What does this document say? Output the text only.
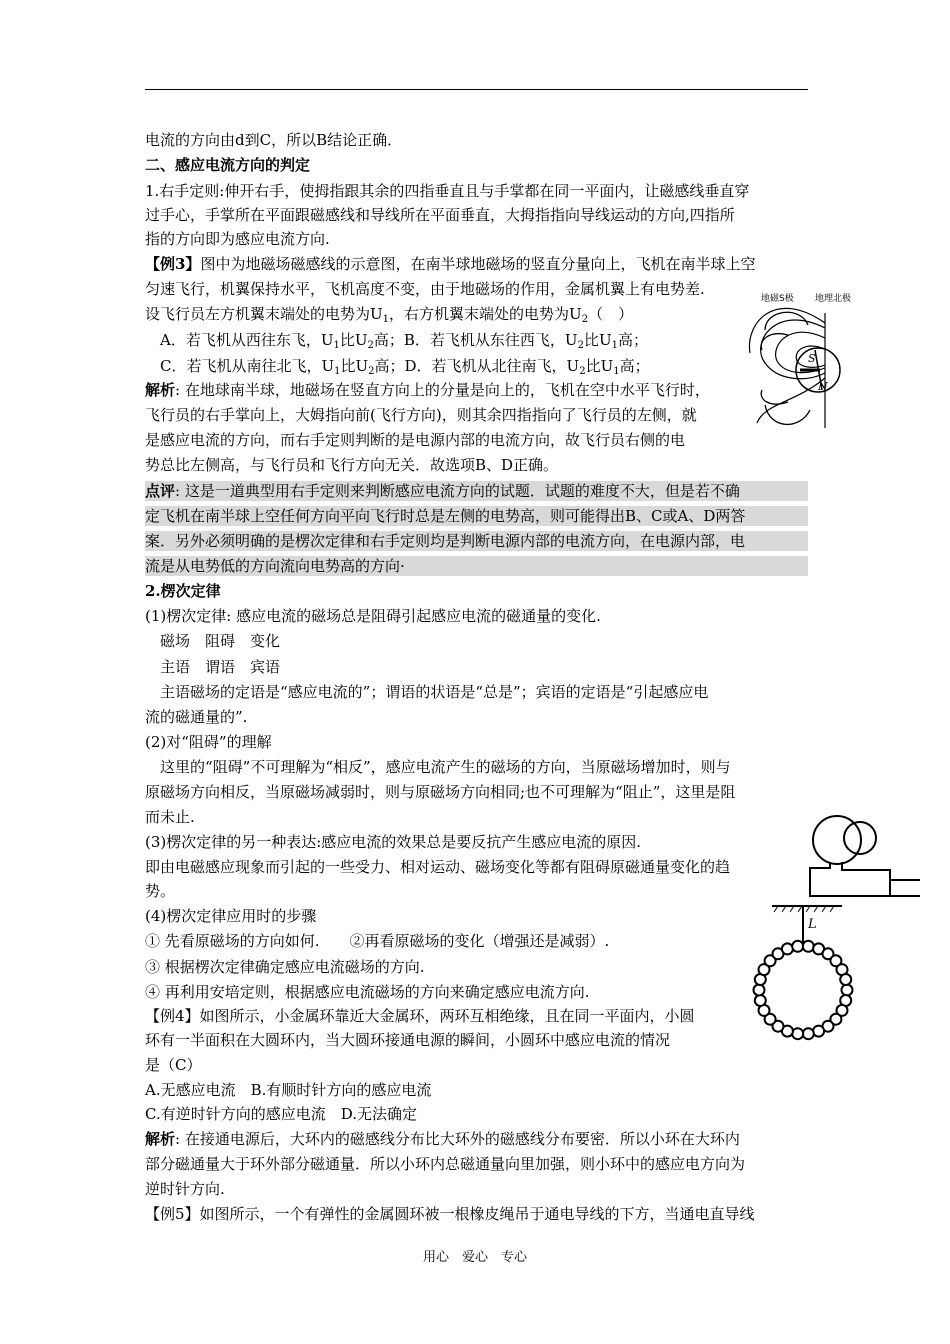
电流的方向由d到C，所以B结论正确．
二、感应电流方向的判定
1.右手定则:伸开右手，使拇指跟其余的四指垂直且与手掌都在同一平面内，让磁感线垂直穿
过手心，手掌所在平面跟磁感线和导线所在平面垂直，大拇指指向导线运动的方向,四指所
指的方向即为感应电流方向.
【例3】图中为地磁场磁感线的示意图，在南半球地磁场的竖直分量向上，飞机在南半球上空
匀速飞行，机翼保持水平，飞机高度不变，由于地磁场的作用，金属机翼上有电势差.
设飞行员左方机翼末端处的电势为$U_1$，右方机翼末端处的电势为$U_2$（　）
　A．若飞机从西往东飞，$U_1$比$U_2$高；B．若飞机从东往西飞，$U_2$比$U_1$高；
　C．若飞机从南往北飞，$U_1$比$U_2$高；D．若飞机从北往南飞，$U_2$比$U_1$高；
解析: 在地球南半球，地磁场在竖直方向上的分量是向上的，飞机在空中水平飞行时，
飞行员的右手掌向上，大姆指向前(飞行方向)，则其余四指指向了飞行员的左侧，就
是感应电流的方向，而右手定则判断的是电源内部的电流方向，故飞行员右侧的电
势总比左侧高，与飞行员和飞行方向无关．故选项B、D正确。
点评: 这是一道典型用右手定则来判断感应电流方向的试题．试题的难度不大，但是若不确
定飞机在南半球上空任何方向平向飞行时总是左侧的电势高，则可能得出B、C或A、D两答
案．另外必须明确的是楞次定律和右手定则均是判断电源内部的电流方向，在电源内部，电
流是从电势低的方向流向电势高的方向·
2.楞次定律
(1)楞次定律: 感应电流的磁场总是阻碍引起感应电流的磁通量的变化.
　磁场　阻碍　变化
　主语　谓语　宾语
　主语磁场的定语是“感应电流的”；谓语的状语是“总是”；宾语的定语是“引起感应电
流的磁通量的”.
(2)对“阻碍”的理解
　这里的“阻碍”不可理解为“相反”，感应电流产生的磁场的方向，当原磁场增加时，则与
原磁场方向相反，当原磁场减弱时，则与原磁场方向相同;也不可理解为“阻止”，这里是阻
而未止.
(3)楞次定律的另一种表达:感应电流的效果总是要反抗产生感应电流的原因.
即由电磁感应现象而引起的一些受力、相对运动、磁场变化等都有阻碍原磁通量变化的趋
势。
(4)楞次定律应用时的步骤
① 先看原磁场的方向如何.　　②再看原磁场的变化（增强还是减弱）.
③ 根据楞次定律确定感应电流磁场的方向.
④ 再利用安培定则，根据感应电流磁场的方向来确定感应电流方向.
【例4】如图所示，小金属环靠近大金属环，两环互相绝缘，且在同一平面内，小圆
环有一半面积在大圆环内，当大圆环接通电源的瞬间，小圆环中感应电流的情况
是（C）
A.无感应电流　B.有顺时针方向的感应电流
C.有逆时针方向的感应电流　D.无法确定
解析: 在接通电源后，大环内的磁感线分布比大环外的磁感线分布要密．所以小环在大环内
部分磁通量大于环外部分磁通量．所以小环内总磁通量向里加强，则小环中的感应电方向为
逆时针方向.
【例5】如图所示，一个有弹性的金属圆环被一根橡皮绳吊于通电导线的下方，当通电直导线
地磁S极 地理北极
S
N
L
用心　爱心　专心
